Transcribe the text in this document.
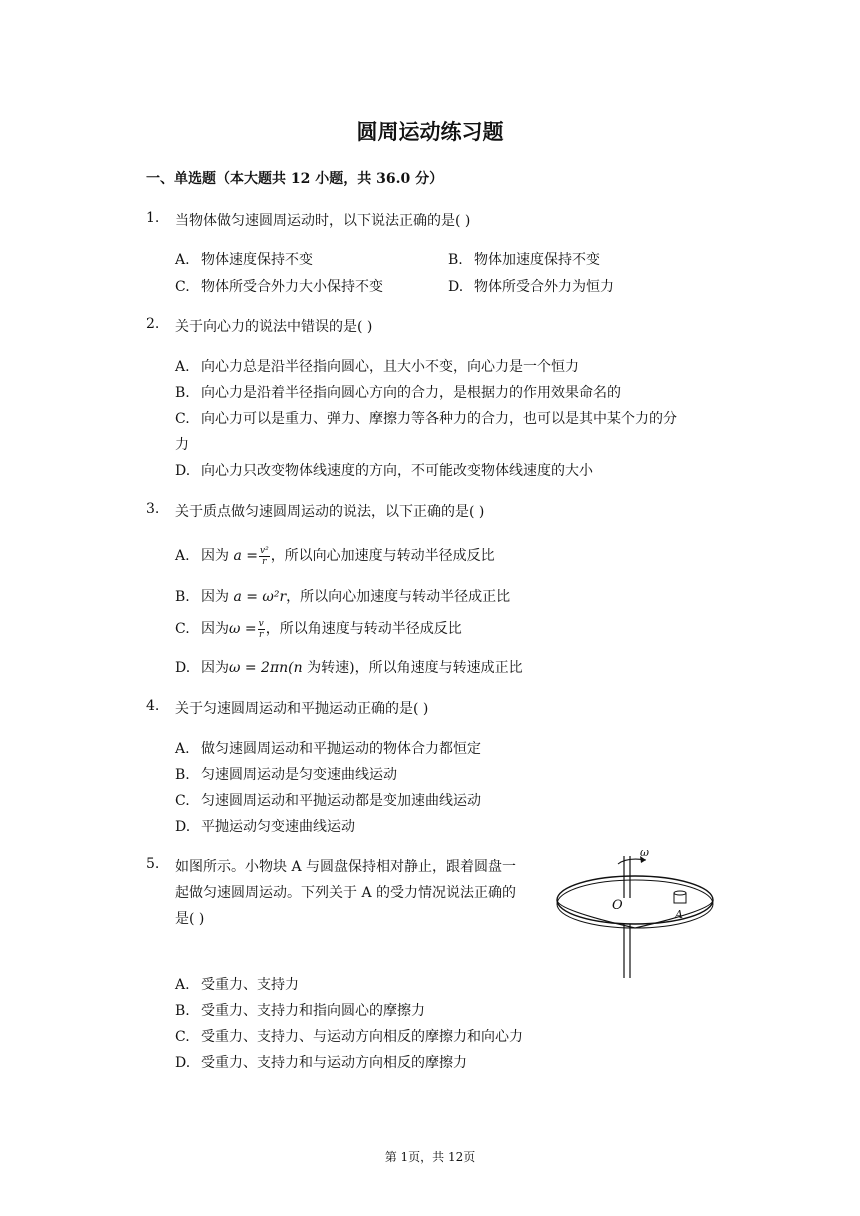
圆周运动练习题
一、单选题（本大题共 12 小题，共 36.0 分）
1. 当物体做匀速圆周运动时，以下说法正确的是( )
A. 物体速度保持不变	B. 物体加速度保持不变
C. 物体所受合外力大小保持不变	D. 物体所受合外力为恒力
2. 关于向心力的说法中错误的是( )
A. 向心力总是沿半径指向圆心，且大小不变，向心力是一个恒力
B. 向心力是沿着半径指向圆心方向的合力，是根据力的作用效果命名的
C. 向心力可以是重力、弹力、摩擦力等各种力的合力，也可以是其中某个力的分
力
D. 向心力只改变物体线速度的方向，不可能改变物体线速度的大小
3. 关于质点做匀速圆周运动的说法，以下正确的是( )
A. 因为 $a = \frac{\text{v²}}{r}$ ，所以向心加速度与转动半径成反比
B. 因为 a = ω²r，所以向心加速度与转动半径成正比
C. 因为$\omega = \frac{v}{r}$ ，所以角速度与转动半径成反比
D. 因为ω = 2πn(n 为转速)，所以角速度与转速成正比
4. 关于匀速圆周运动和平抛运动正确的是( )
A. 做匀速圆周运动和平抛运动的物体合力都恒定
B. 匀速圆周运动是匀变速曲线运动
C. 匀速圆周运动和平抛运动都是变加速曲线运动
D. 平抛运动匀变速曲线运动
5. 如图所示。小物块 A 与圆盘保持相对静止，跟着圆盘一
起做匀速圆周运动。下列关于 A 的受力情况说法正确的
是( )
O
A
ω
A. 受重力、支持力
B. 受重力、支持力和指向圆心的摩擦力
C. 受重力、支持力、与运动方向相反的摩擦力和向心力
D. 受重力、支持力和与运动方向相反的摩擦力
第 1页，共 12页
